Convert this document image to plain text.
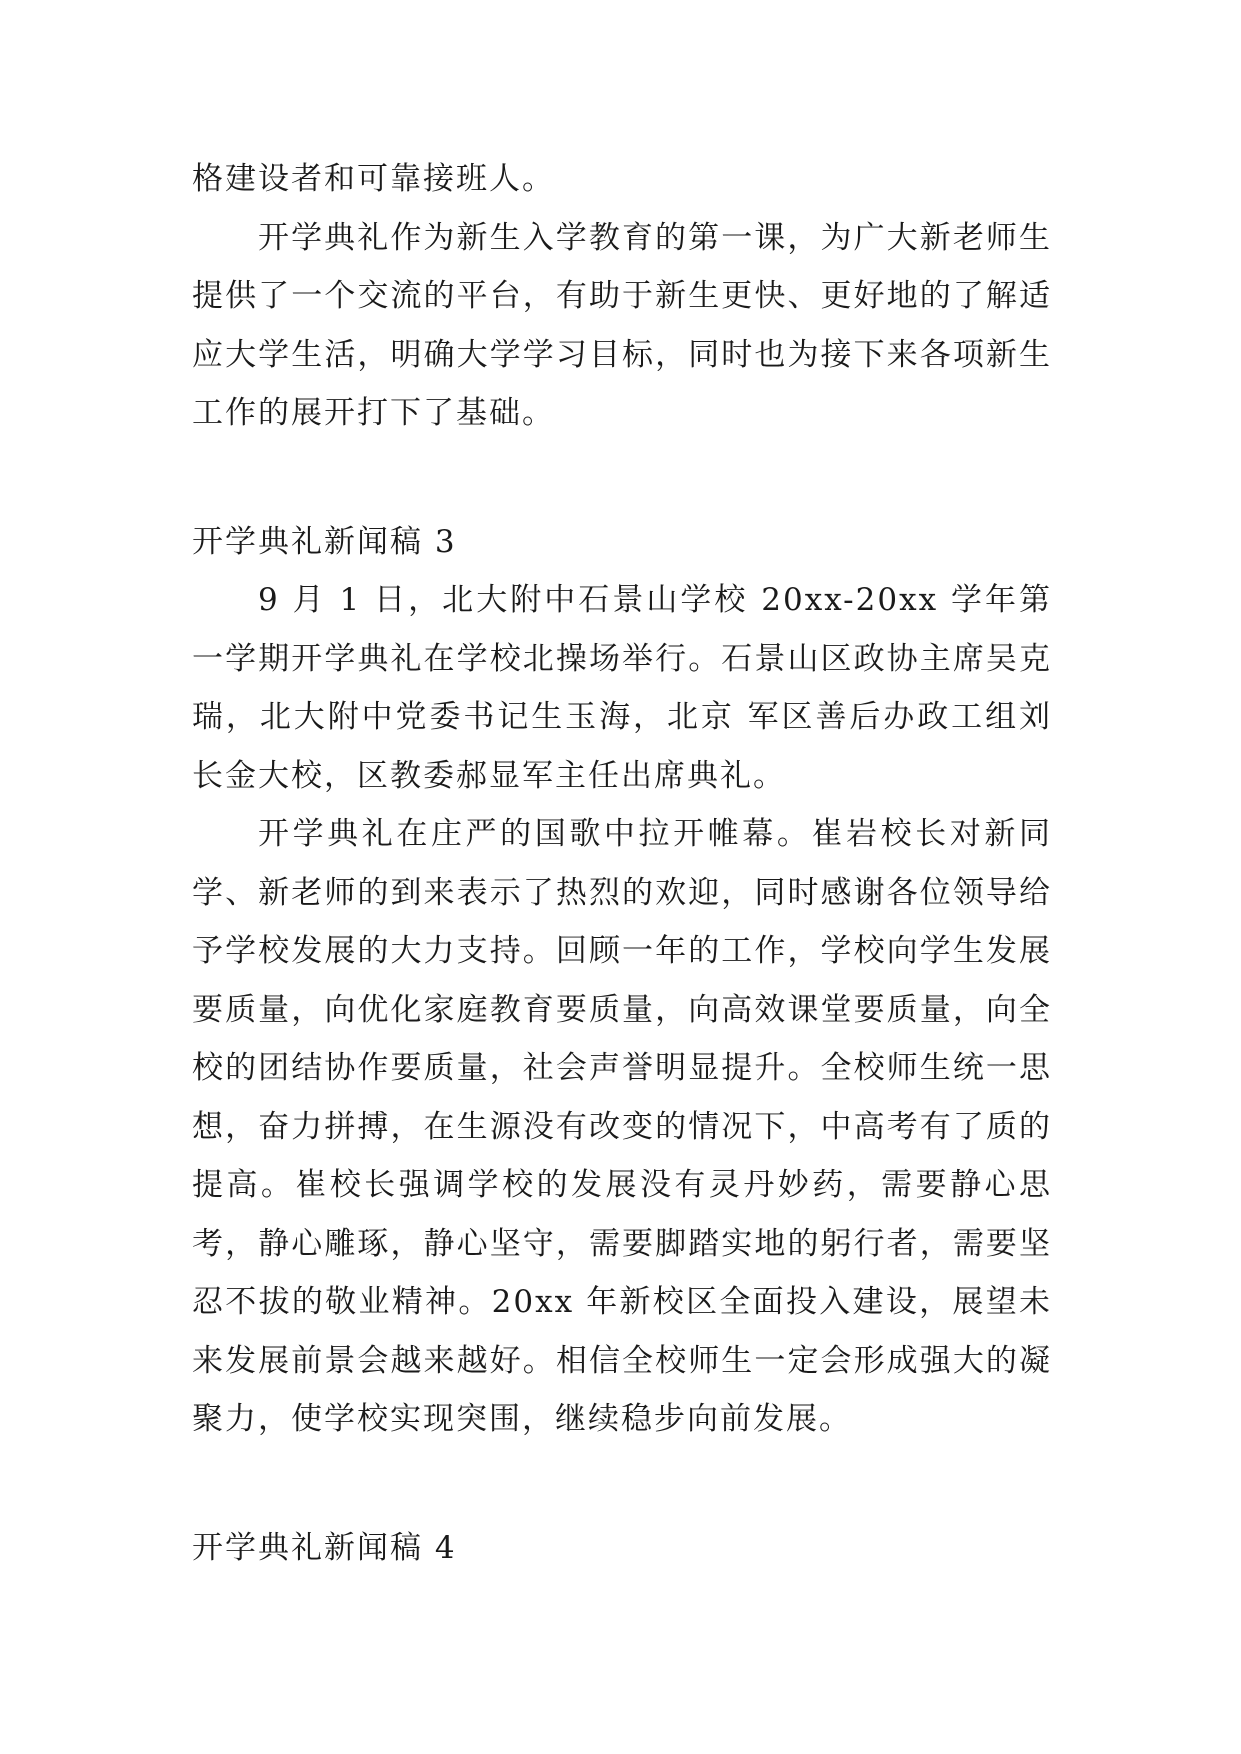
格建设者和可靠接班人。

开学典礼作为新生入学教育的第一课，为广大新老师生提供了一个交流的平台，有助于新生更快、更好地的了解适应大学生活，明确大学学习目标，同时也为接下来各项新生工作的展开打下了基础。

开学典礼新闻稿 3

9 月 1 日，北大附中石景山学校 20xx-20xx 学年第一学期开学典礼在学校北操场举行。石景山区政协主席吴克瑞，北大附中党委书记生玉海，北京 军区善后办政工组刘长金大校，区教委郝显军主任出席典礼。

开学典礼在庄严的国歌中拉开帷幕。崔岩校长对新同学、新老师的到来表示了热烈的欢迎，同时感谢各位领导给予学校发展的大力支持。回顾一年的工作，学校向学生发展要质量，向优化家庭教育要质量，向高效课堂要质量，向全校的团结协作要质量，社会声誉明显提升。全校师生统一思想，奋力拼搏，在生源没有改变的情况下，中高考有了质的提高。崔校长强调学校的发展没有灵丹妙药，需要静心思考，静心雕琢，静心坚守，需要脚踏实地的躬行者，需要坚忍不拔的敬业精神。20xx 年新校区全面投入建设，展望未来发展前景会越来越好。相信全校师生一定会形成强大的凝聚力，使学校实现突围，继续稳步向前发展。

开学典礼新闻稿 4
